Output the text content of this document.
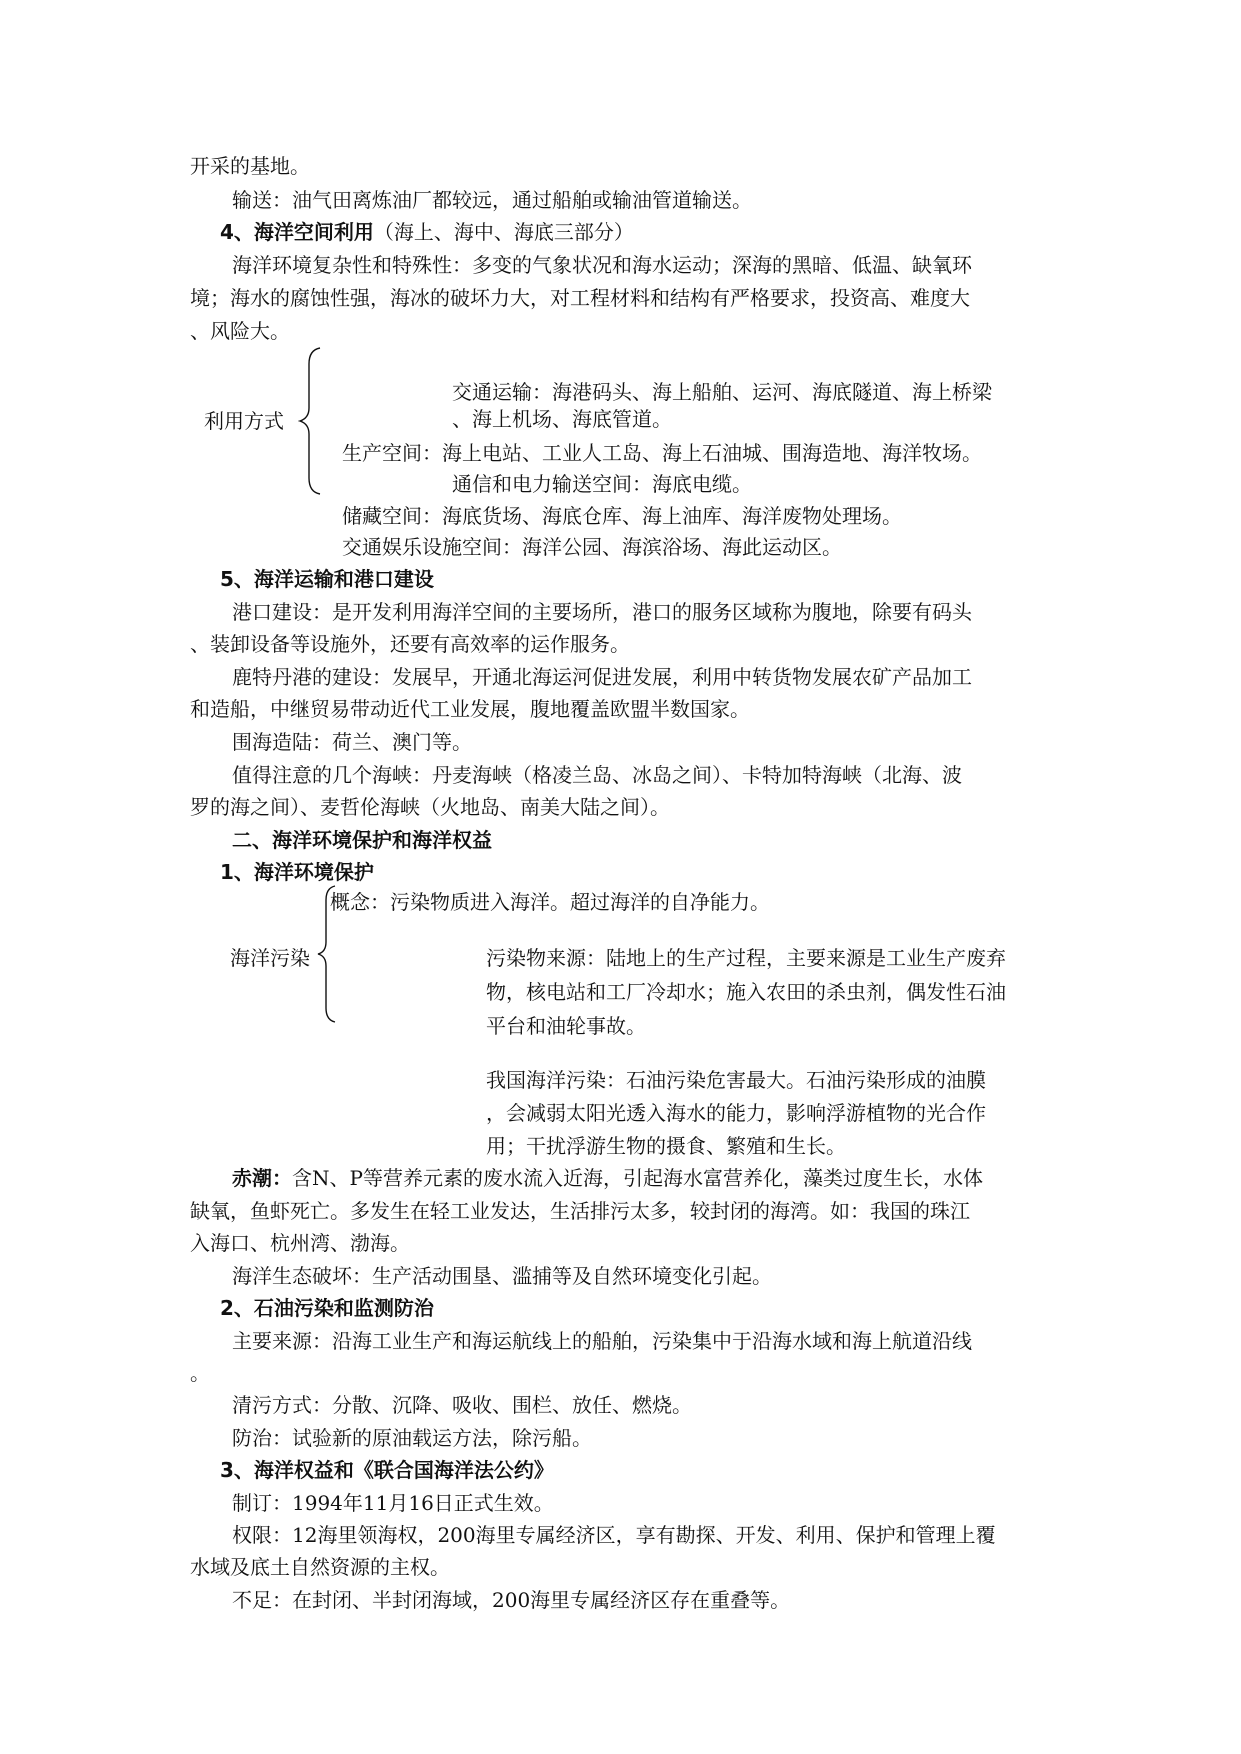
开采的基地。
输送：油气田离炼油厂都较远，通过船舶或输油管道输送。
4、海洋空间利用（海上、海中、海底三部分）
海洋环境复杂性和特殊性：多变的气象状况和海水运动；深海的黑暗、低温、缺氧环
境；海水的腐蚀性强，海冰的破坏力大，对工程材料和结构有严格要求，投资高、难度大
、风险大。
利用方式
交通运输：海港码头、海上船舶、运河、海底隧道、海上桥梁
、海上机场、海底管道。
生产空间：海上电站、工业人工岛、海上石油城、围海造地、海洋牧场。
通信和电力输送空间：海底电缆。
储藏空间：海底货场、海底仓库、海上油库、海洋废物处理场。
交通娱乐设施空间：海洋公园、海滨浴场、海此运动区。
5、海洋运输和港口建设
港口建设：是开发利用海洋空间的主要场所，港口的服务区域称为腹地，除要有码头
、装卸设备等设施外，还要有高效率的运作服务。
鹿特丹港的建设：发展早，开通北海运河促进发展，利用中转货物发展农矿产品加工
和造船，中继贸易带动近代工业发展，腹地覆盖欧盟半数国家。
围海造陆：荷兰、澳门等。
值得注意的几个海峡：丹麦海峡（格凌兰岛、冰岛之间）、卡特加特海峡（北海、波
罗的海之间）、麦哲伦海峡（火地岛、南美大陆之间）。
二、海洋环境保护和海洋权益
1、海洋环境保护
概念：污染物质进入海洋。超过海洋的自净能力。
海洋污染	污染物来源：陆地上的生产过程，主要来源是工业生产废弃
物，核电站和工厂冷却水；施入农田的杀虫剂，偶发性石油
平台和油轮事故。
我国海洋污染：石油污染危害最大。石油污染形成的油膜
，会减弱太阳光透入海水的能力，影响浮游植物的光合作
用；干扰浮游生物的摄食、繁殖和生长。
赤潮：含N、P等营养元素的废水流入近海，引起海水富营养化，藻类过度生长，水体
缺氧，鱼虾死亡。多发生在轻工业发达，生活排污太多，较封闭的海湾。如：我国的珠江
入海口、杭州湾、渤海。
海洋生态破坏：生产活动围垦、滥捕等及自然环境变化引起。
2、石油污染和监测防治
主要来源：沿海工业生产和海运航线上的船舶，污染集中于沿海水域和海上航道沿线
。
清污方式：分散、沉降、吸收、围栏、放任、燃烧。
防治：试验新的原油载运方法，除污船。
3、海洋权益和《联合国海洋法公约》
制订：1994年11月16日正式生效。
权限：12海里领海权，200海里专属经济区，享有勘探、开发、利用、保护和管理上覆
水域及底土自然资源的主权。
不足：在封闭、半封闭海域，200海里专属经济区存在重叠等。
